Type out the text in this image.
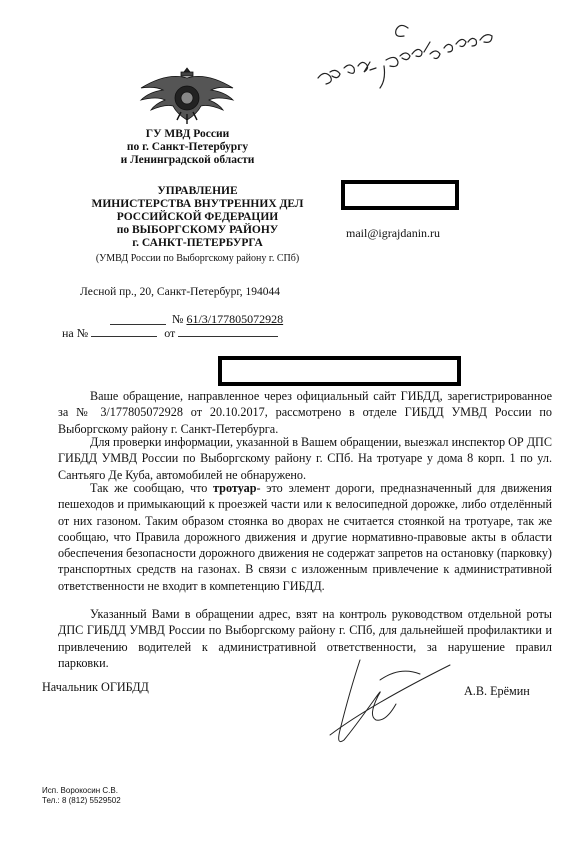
ГУ МВД России
по г. Санкт-Петербургу
и Ленинградской области
УПРАВЛЕНИЕ
МИНИСТЕРСТВА ВНУТРЕННИХ ДЕЛ
РОССИЙСКОЙ ФЕДЕРАЦИИ
по ВЫБОРГСКОМУ РАЙОНУ
г. САНКТ-ПЕТЕРБУРГА
(УМВД России по Выборгскому району г. СПб)
Лесной пр., 20, Санкт-Петербург, 194044
№ 61/3/177805072928
на №	от
mail@igrajdanin.ru
Ваше обращение, направленное через официальный сайт ГИБДД, зарегистрированное за № 3/177805072928 от 20.10.2017, рассмотрено в отделе ГИБДД УМВД России по Выборгскому району г. Санкт-Петербурга.
Для проверки информации, указанной в Вашем обращении, выезжал инспектор ОР ДПС ГИБДД УМВД России по Выборгскому району г. СПб. На тротуаре у дома 8 корп. 1 по ул. Сантьяго Де Куба, автомобилей не обнаружено.
Так же сообщаю, что тротуар- это элемент дороги, предназначенный для движения пешеходов и примыкающий к проезжей части или к велосипедной дорожке, либо отделённый от них газоном. Таким образом стоянка во дворах не считается стоянкой на тротуаре, так же сообщаю, что Правила дорожного движения и другие нормативно-правовые акты в области обеспечения безопасности дорожного движения не содержат запретов на остановку (парковку) транспортных средств на газонах. В связи с изложенным привлечение к административной ответственности не входит в компетенцию ГИБДД.
Указанный Вами в обращении адрес, взят на контроль руководством отдельной роты ДПС ГИБДД УМВД России по Выборгскому району г. СПб, для дальнейшей профилактики и привлечению водителей к административной ответственности, за нарушение правил парковки.
Начальник ОГИБДД	А.В. Ерёмин
Исп. Ворокосин С.В.
Тел.: 8 (812) 5529502
